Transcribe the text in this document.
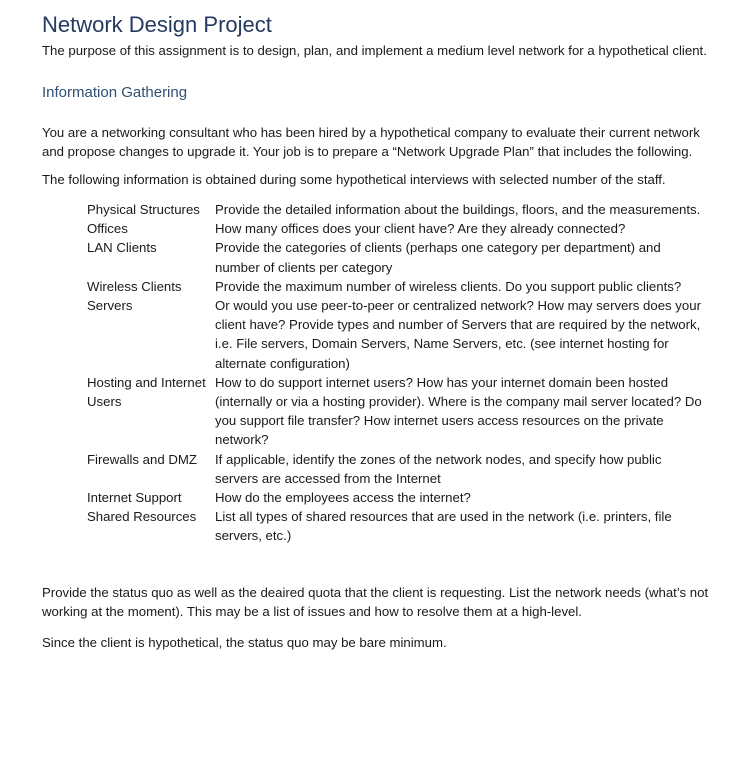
Network Design Project

The purpose of this assignment is to design, plan, and implement a medium level network for a hypothetical client.

Information Gathering

You are a networking consultant who has been hired by a hypothetical company to evaluate their current network and propose changes to upgrade it. Your job is to prepare a “Network Upgrade Plan” that includes the following.

The following information is obtained during some hypothetical interviews with selected number of the staff.

Physical Structures	Provide the detailed information about the buildings, floors, and the measurements.
Offices	How many offices does your client have? Are they already connected?
LAN Clients	Provide the categories of clients (perhaps one category per department) and number of clients per category
Wireless Clients	Provide the maximum number of wireless clients. Do you support public clients?
Servers	Or would you use peer-to-peer or centralized network? How may servers does your client have? Provide types and number of Servers that are required by the network, i.e. File servers, Domain Servers, Name Servers, etc. (see internet hosting for alternate configuration)
Hosting and Internet Users	How to do support internet users? How has your internet domain been hosted (internally or via a hosting provider). Where is the company mail server located? Do you support file transfer? How internet users access resources on the private network?
Firewalls and DMZ	If applicable, identify the zones of the network nodes, and specify how public servers are accessed from the Internet
Internet Support	How do the employees access the internet?
Shared Resources	List all types of shared resources that are used in the network (i.e. printers, file servers, etc.)

Provide the status quo as well as the deaired quota that the client is requesting. List the network needs (what’s not working at the moment). This may be a list of issues and how to resolve them at a high-level.

Since the client is hypothetical, the status quo may be bare minimum.
